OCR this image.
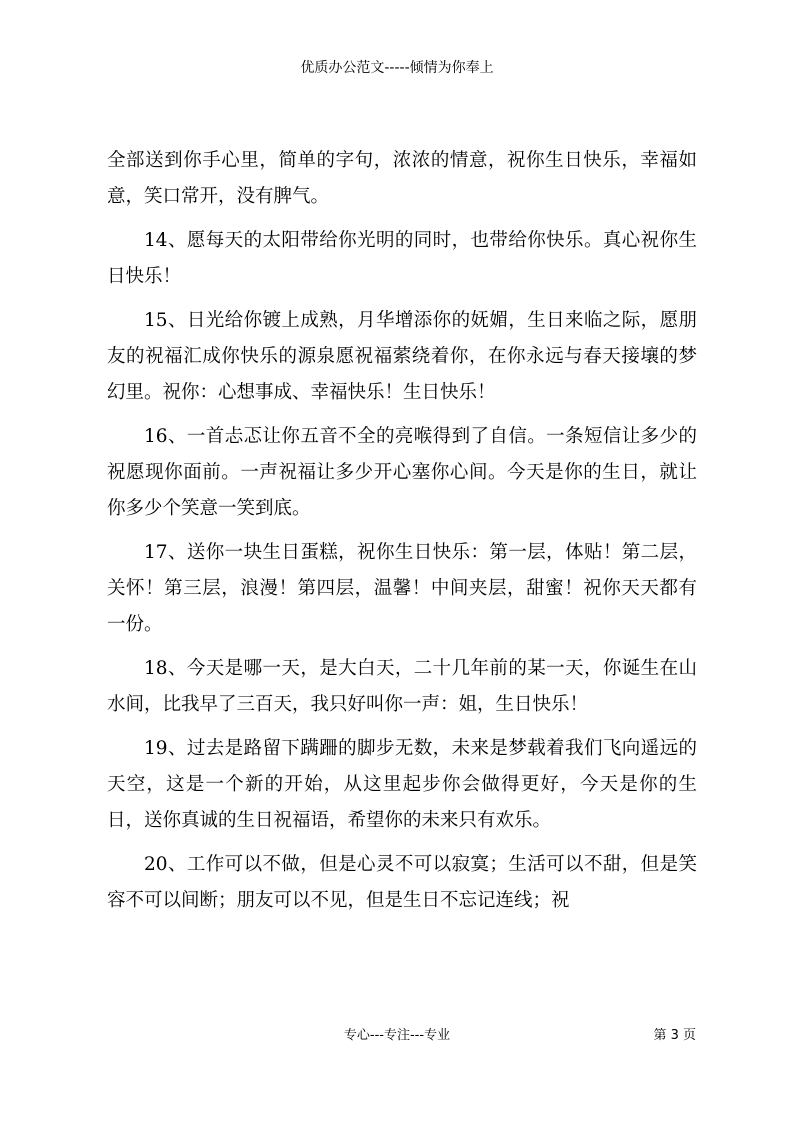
优质办公范文-----倾情为你奉上

全部送到你手心里，简单的字句，浓浓的情意，祝你生日快乐，幸福如意，笑口常开，没有脾气。

14、愿每天的太阳带给你光明的同时，也带给你快乐。真心祝你生日快乐！

15、日光给你镀上成熟，月华增添你的妩媚，生日来临之际，愿朋友的祝福汇成你快乐的源泉愿祝福萦绕着你，在你永远与春天接壤的梦幻里。祝你：心想事成、幸福快乐！生日快乐！

16、一首忐忑让你五音不全的亮喉得到了自信。一条短信让多少的祝愿现你面前。一声祝福让多少开心塞你心间。今天是你的生日，就让你多少个笑意一笑到底。

17、送你一块生日蛋糕，祝你生日快乐：第一层，体贴！第二层，关怀！第三层，浪漫！第四层，温馨！中间夹层，甜蜜！祝你天天都有一份。

18、今天是哪一天，是大白天，二十几年前的某一天，你诞生在山水间，比我早了三百天，我只好叫你一声：姐，生日快乐！

19、过去是路留下蹒跚的脚步无数，未来是梦载着我们飞向遥远的天空，这是一个新的开始，从这里起步你会做得更好，今天是你的生日，送你真诚的生日祝福语，希望你的未来只有欢乐。

20、工作可以不做，但是心灵不可以寂寞；生活可以不甜，但是笑容不可以间断；朋友可以不见，但是生日不忘记连线；祝

专心---专注---专业	第 3 页
